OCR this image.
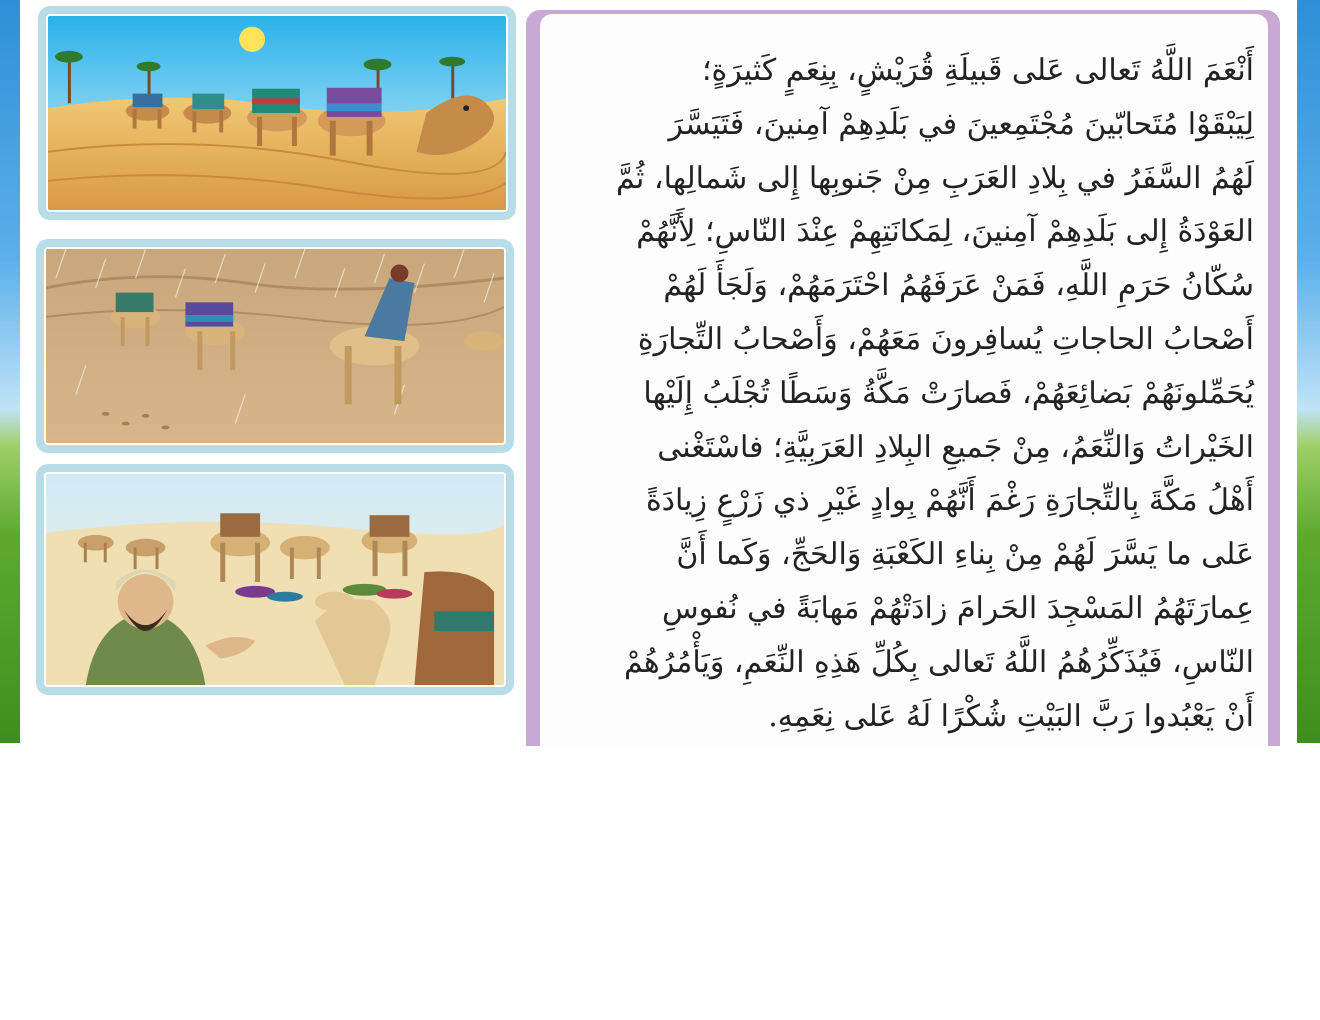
أَنْعَمَ اللَّهُ تَعالى عَلى قَبيلَةِ قُرَيْشٍ، بِنِعَمٍ كَثيرَةٍ؛
لِيَبْقَوْا مُتَحابّينَ مُجْتَمِعينَ في بَلَدِهِمْ آمِنينَ، فَتَيَسَّرَ
لَهُمُ السَّفَرُ في بِلادِ العَرَبِ مِنْ جَنوبِها إِلى شَمالِها، ثُمَّ
العَوْدَةُ إِلى بَلَدِهِمْ آمِنينَ، لِمَكانَتِهِمْ عِنْدَ النّاسِ؛ لِأَنَّهُمْ
سُكّانُ حَرَمِ اللَّهِ، فَمَنْ عَرَفَهُمُ احْتَرَمَهُمْ، وَلَجَأَ لَهُمْ
أَصْحابُ الحاجاتِ يُسافِرونَ مَعَهُمْ، وَأَصْحابُ التِّجارَةِ
يُحَمِّلونَهُمْ بَضائِعَهُمْ، فَصارَتْ مَكَّةُ وَسَطًا تُجْلَبُ إِلَيْها
الخَيْراتُ وَالنِّعَمُ، مِنْ جَميعِ البِلادِ العَرَبِيَّةِ؛ فاسْتَغْنى
أَهْلُ مَكَّةَ بِالتِّجارَةِ رَغْمَ أَنَّهُمْ بِوادٍ غَيْرِ ذي زَرْعٍ زِيادَةً
عَلى ما يَسَّرَ لَهُمْ مِنْ بِناءِ الكَعْبَةِ وَالحَجِّ، وَكَما أَنَّ
عِمارَتَهُمُ المَسْجِدَ الحَرامَ زادَتْهُمْ مَهابَةً في نُفوسِ
النّاسِ، فَيُذَكِّرُهُمُ اللَّهُ تَعالى بِكُلِّ هَذِهِ النِّعَمِ، وَيَأْمُرُهُمْ
أَنْ يَعْبُدوا رَبَّ البَيْتِ شُكْرًا لَهُ عَلى نِعَمِهِ.
